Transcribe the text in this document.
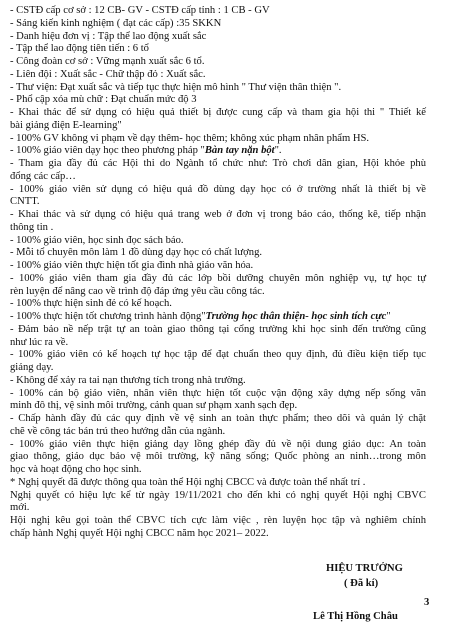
- CSTĐ cấp cơ sở : 12 CB- GV - CSTĐ cấp tỉnh : 1 CB - GV
- Sáng kiến kinh nghiệm ( đạt các cấp) :35 SKKN
- Danh hiệu đơn vị : Tập thể lao động xuất sắc
- Tập thể lao động tiên tiến : 6 tổ
- Công đoàn cơ sở : Vững mạnh xuất sắc 6 tổ.
- Liên đội : Xuất sắc - Chữ thập đỏ : Xuất sắc.
- Thư viện: Đạt xuất sắc và tiếp tục thực hiện mô hình " Thư viện thân thiện ".
- Phổ cập xóa mù chữ : Đạt chuẩn mức độ 3
- Khai thác để sử dụng có hiệu quả thiết bị được cung cấp và tham gia hội thi " Thiết kế
bài giảng điện E-learning"
- 100% GV không vi phạm về dạy thêm- học thêm; không xúc phạm nhân phẩm HS.
- 100% giáo viên dạy học theo phương pháp "Bàn tay nặn bột".
- Tham gia đầy đủ các Hội thi do Ngành tổ chức như: Trò chơi dân gian, Hội khỏe phù
đổng các cấp…
- 100% giáo viên sử dụng có hiệu quả đồ dùng dạy học có ở trường nhất là thiết bị về
CNTT.
- Khai thác và sử dụng có hiệu quả trang web ở đơn vị trong báo cáo, thống kê, tiếp nhận
thông tin .
- 100% giáo viên, học sinh đọc sách báo.
- Mỗi tổ chuyên môn làm 1 đồ dùng dạy học có chất lượng.
- 100% giáo viên thực hiện tốt gia đình nhà giáo văn hóa.
- 100% giáo viên tham gia đầy đủ các lớp bồi dưỡng chuyên môn nghiệp vụ, tự học tự
rèn luyện để nâng cao về trình độ đáp ứng yêu cầu công tác.
- 100% thực hiện sinh đẻ có kế hoạch.
- 100% thực hiện tốt chương trình hành động"Trường học thân thiện- học sinh tích cực"
- Đảm bảo nề nếp trật tự an toàn giao thông tại cổng trường khi học sinh đến trường cũng
như lúc ra về.
- 100% giáo viên có kế hoạch tự học tập để đạt chuẩn theo quy định, đủ điều kiện tiếp tục
giảng dạy.
- Không để xảy ra tai nạn thương tích trong nhà trường.
- 100% cán bộ giáo viên, nhân viên thực hiện tốt cuộc vận động xây dựng nếp sống văn
minh đô thị, vệ sinh môi trường, cảnh quan sư phạm xanh sạch đẹp.
- Chấp hành đầy đủ các quy định về vệ sinh an toàn thực phẩm; theo dõi và quản lý chặt
chẽ về công tác bán trú theo hướng dẫn của ngành.
- 100% giáo viên thực hiện giảng dạy lồng ghép đầy đủ về nội dung giáo dục: An toàn
giao thông, giáo dục bảo vệ môi trường, kỹ năng sống; Quốc phòng an ninh…trong môn
học và hoạt động cho học sinh.
* Nghị quyết đã được thông qua toàn thể Hội nghị CBCC và được toàn thể nhất trí .
Nghị quyết có hiệu lực kể từ ngày 19/11/2021 cho đến khi có nghị quyết Hội nghị CBVC
mới.
Hội nghị kêu gọi toàn thể CBVC tích cực làm việc , rèn luyện học tập và nghiêm chỉnh
chấp hành Nghị quyết Hội nghị CBCC năm học 2021– 2022.
HIỆU TRƯỞNG
( Đã kí)
3
Lê Thị Hồng Châu
